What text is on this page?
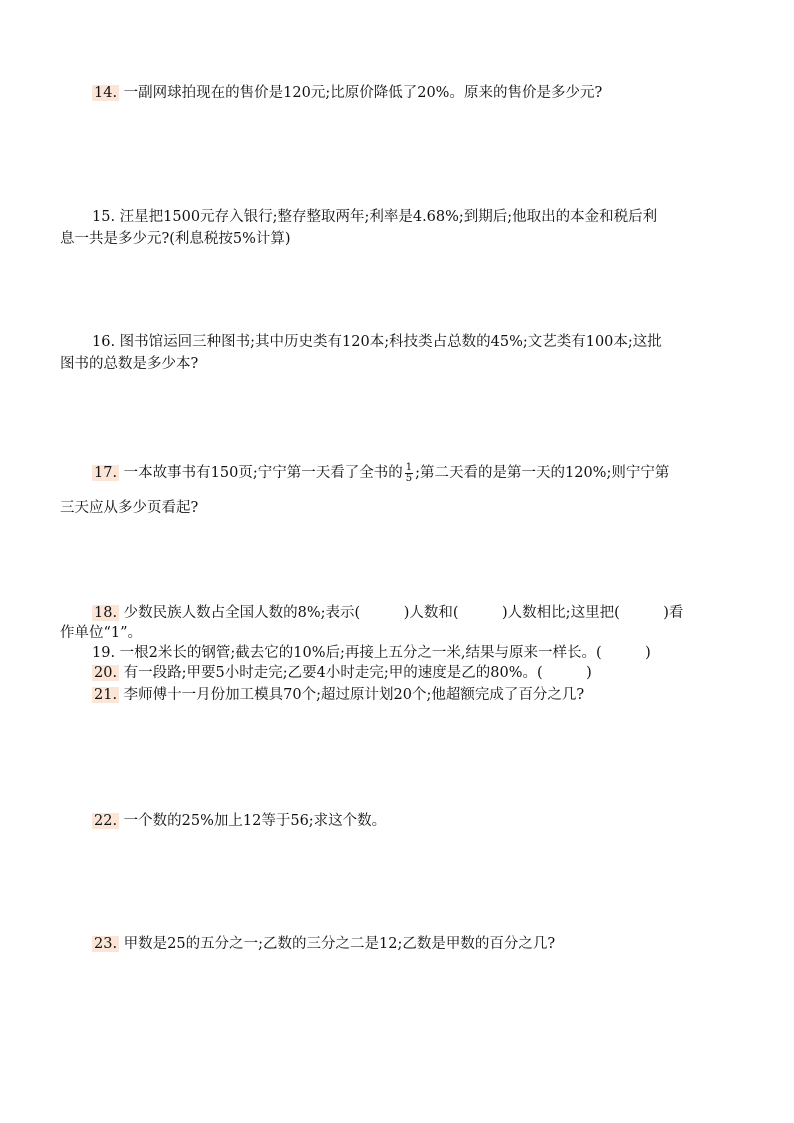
14. 一副网球拍现在的售价是120元;比原价降低了20%。原来的售价是多少元?
15. 汪星把1500元存入银行;整存整取两年;利率是4.68%;到期后;他取出的本金和税后利
息一共是多少元?(利息税按5%计算)
16. 图书馆运回三种图书;其中历史类有120本;科技类占总数的45%;文艺类有100本;这批
图书的总数是多少本?
17. 一本故事书有150页;宁宁第一天看了全书的 $\frac{1}{5}$ ;第二天看的是第一天的120%;则宁宁第
三天应从多少页看起?
18. 少数民族人数占全国人数的8%;表示(　　　)人数和(　　　)人数相比;这里把(　　　)看
作单位“1”。
19. 一根2米长的钢管;截去它的10%后;再接上五分之一米,结果与原来一样长。(　　　)
20. 有一段路;甲要5小时走完;乙要4小时走完;甲的速度是乙的80%。(　　　)
21. 李师傅十一月份加工模具70个;超过原计划20个;他超额完成了百分之几?
22. 一个数的25%加上12等于56;求这个数。
23. 甲数是25的五分之一;乙数的三分之二是12;乙数是甲数的百分之几?
